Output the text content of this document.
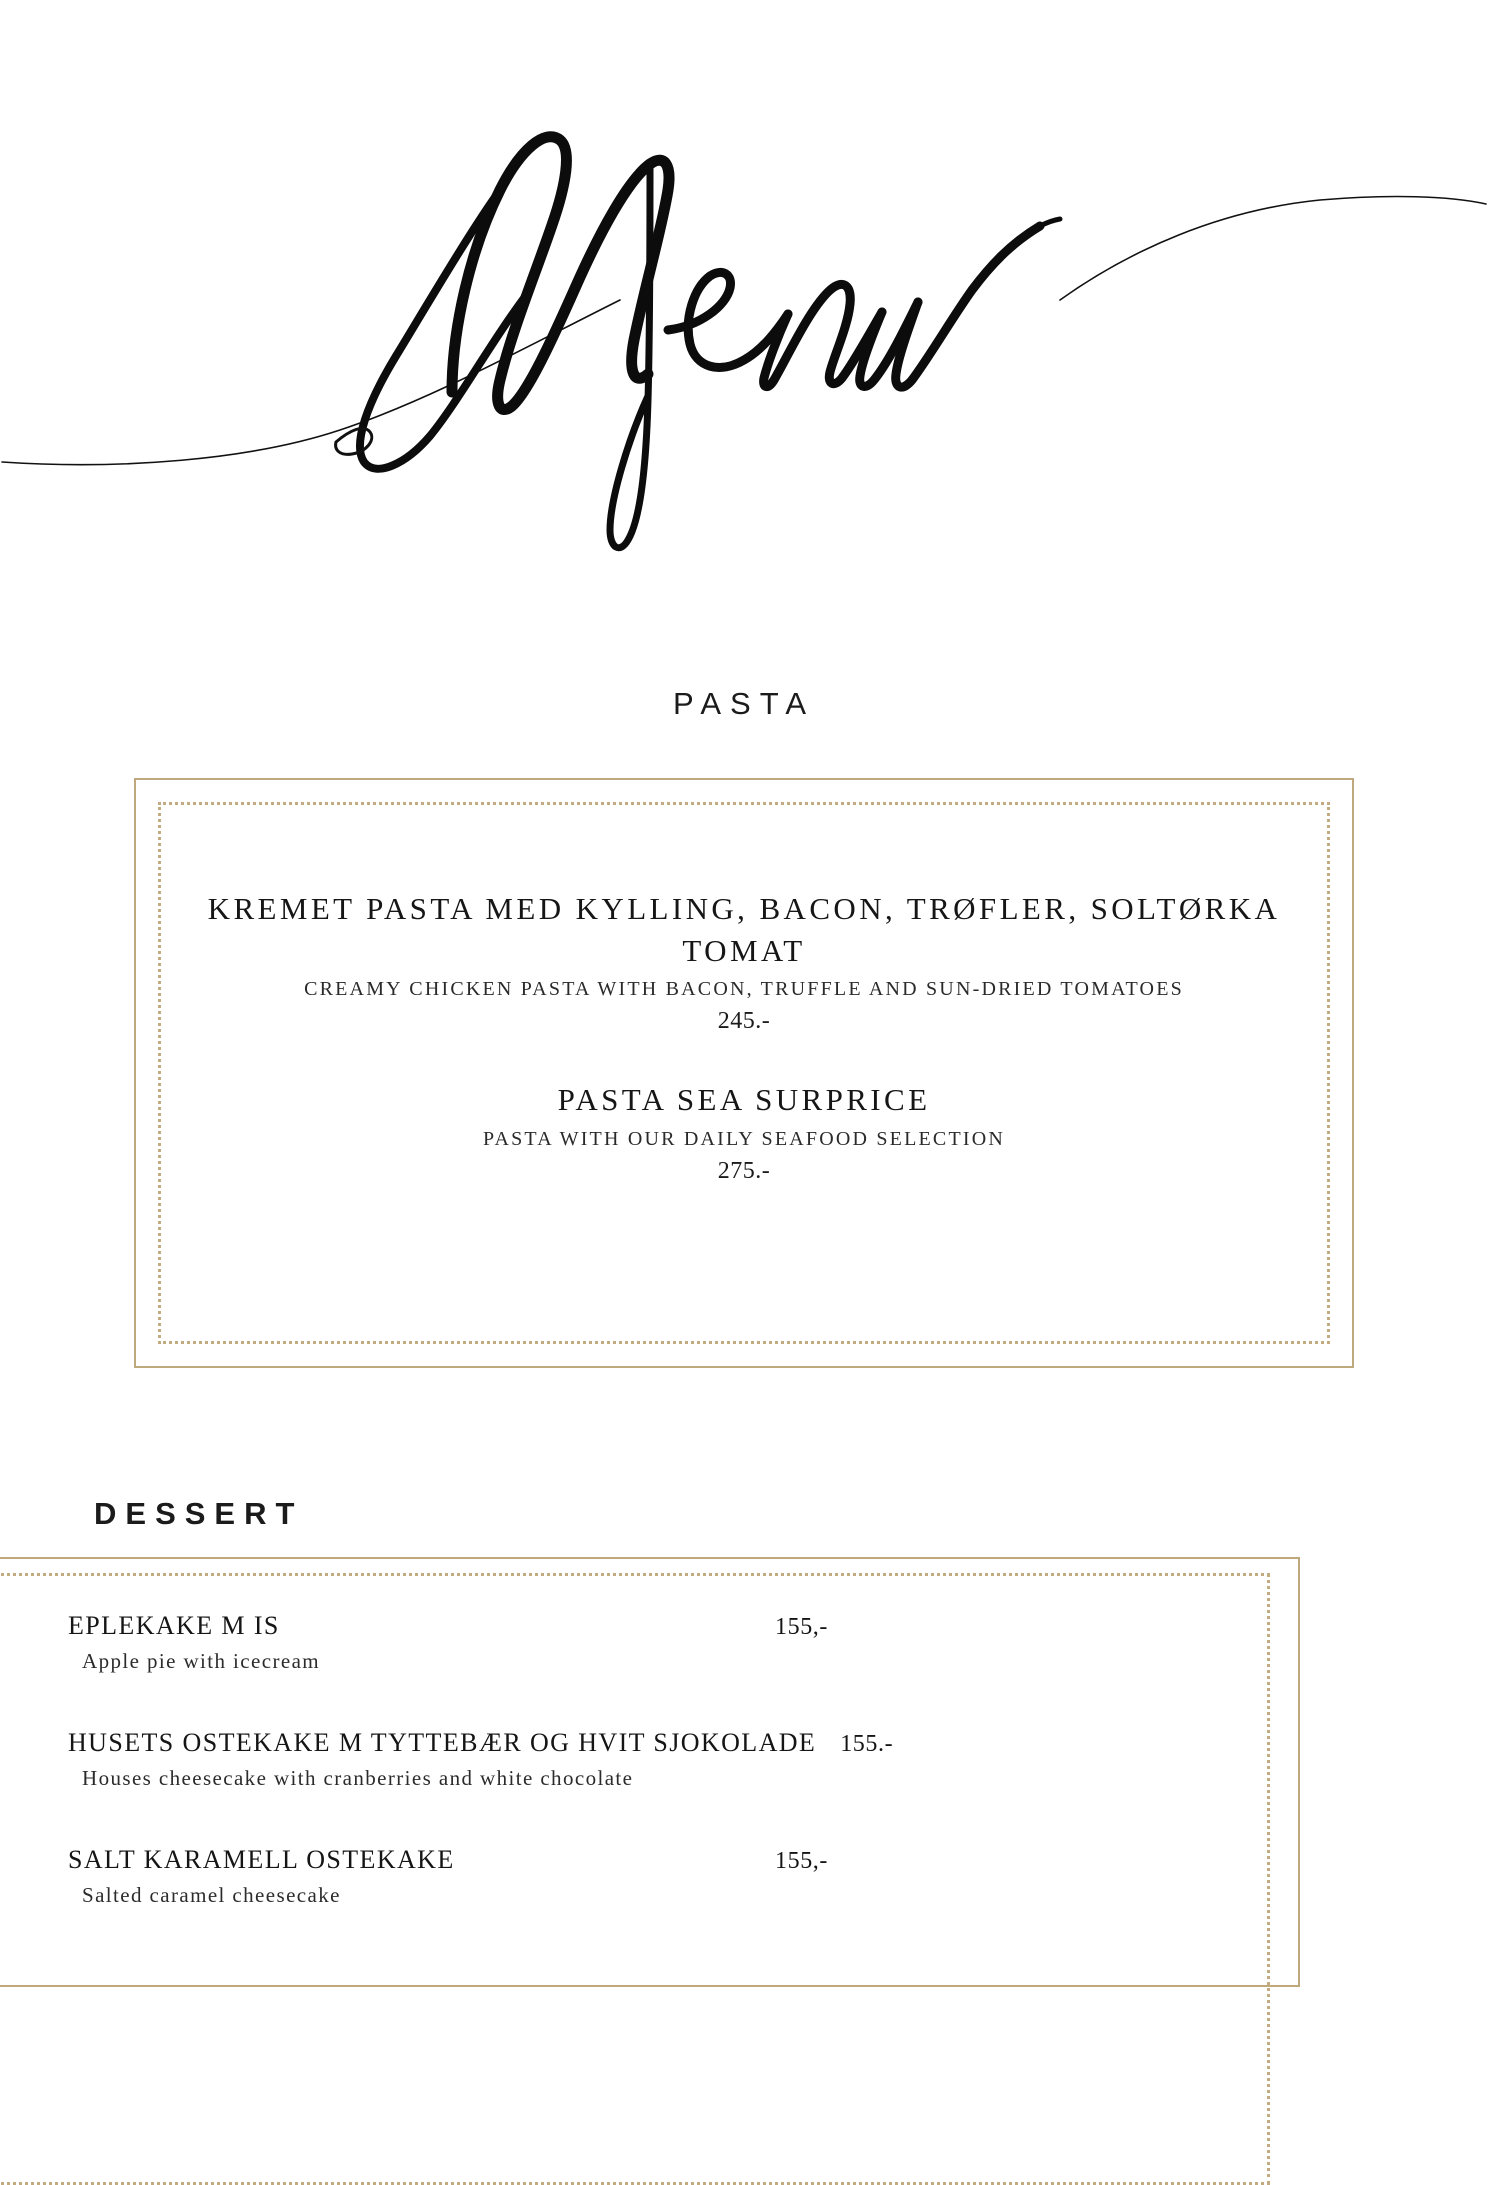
PASTA
KREMET PASTA MED KYLLING, BACON, TRØFLER, SOLTØRKA TOMAT
CREAMY CHICKEN PASTA WITH BACON, TRUFFLE AND SUN-DRIED TOMATOES
245.-
PASTA SEA SURPRICE
PASTA WITH OUR DAILY SEAFOOD SELECTION
275.-
DESSERT
EPLEKAKE M IS	155,-
Apple pie with icecream
HUSETS OSTEKAKE M TYTTEBÆR OG HVIT SJOKOLADE 155.-
Houses cheesecake with cranberries and white chocolate
SALT KARAMELL OSTEKAKE	155,-
Salted caramel cheesecake
